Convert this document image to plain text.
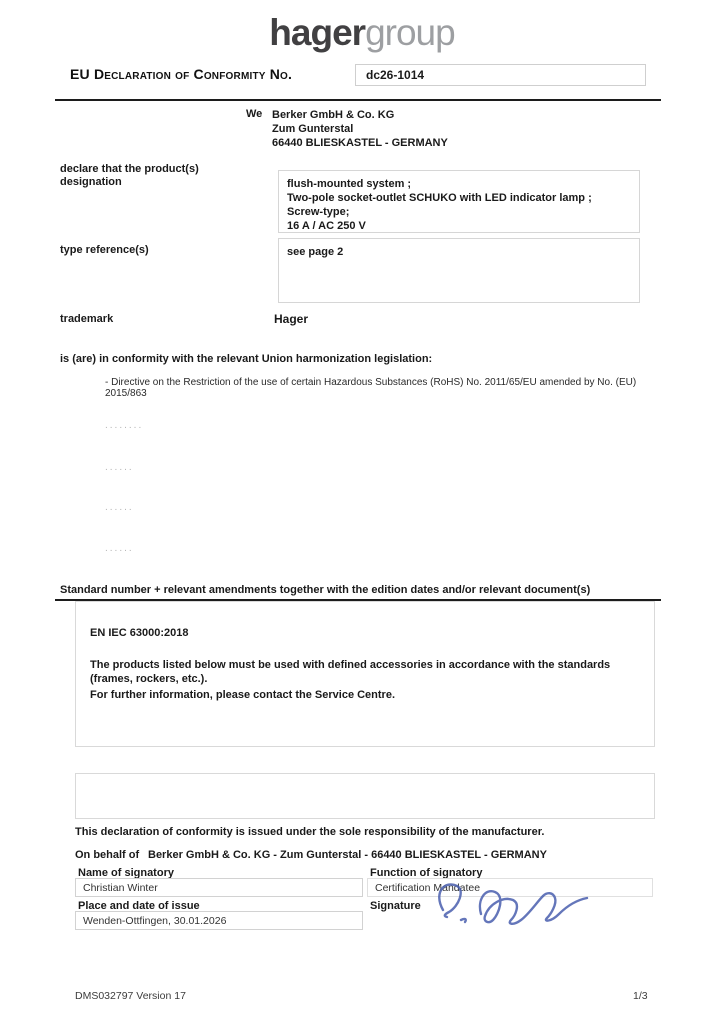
hagergroup
EU Declaration of Conformity No.	dc26-1014
We Berker GmbH & Co. KG
Zum Gunterstal
66440 BLIESKASTEL - GERMANY
declare that the product(s)
designation	flush-mounted system ;
Two-pole socket-outlet SCHUKO with LED indicator lamp ;
Screw-type;
16 A / AC 250 V
type reference(s)	see page 2
trademark	Hager
is (are) in conformity with the relevant Union harmonization legislation:
- Directive on the Restriction of the use of certain Hazardous Substances (RoHS) No. 2011/65/EU amended by No. (EU) 2015/863
........
......
......
......
Standard number + relevant amendments together with the edition dates and/or relevant document(s)
EN IEC 63000:2018
The products listed below must be used with defined accessories in accordance with the standards (frames, rockers, etc.).
For further information, please contact the Service Centre.
This declaration of conformity is issued under the sole responsibility of the manufacturer.
On behalf of Berker GmbH & Co. KG - Zum Gunterstal - 66440 BLIESKASTEL - GERMANY
Name of signatory	Function of signatory
Christian Winter	Certification Mandatee
Place and date of issue	Signature
Wenden-Ottfingen, 30.01.2026
DMS032797 Version 17	1/3
